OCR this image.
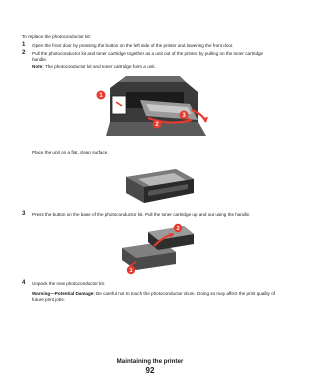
To replace the photoconductor kit:

1 Open the front door by pressing the button on the left side of the printer and lowering the front door.

2 Pull the photoconductor kit and toner cartridge together as a unit out of the printer by pulling on the toner cartridge handle.

Note: The photoconductor kit and toner cartridge form a unit.

1
2
3

Place the unit on a flat, clean surface.

3 Press the button on the base of the photoconductor kit. Pull the toner cartridge up and out using the handle.

2
1
4 Unpack the new photoconductor kit.

Warning—Potential Damage: Be careful not to touch the photoconductor drum. Doing so may affect the print quality of future print jobs.

Maintaining the printer
92
